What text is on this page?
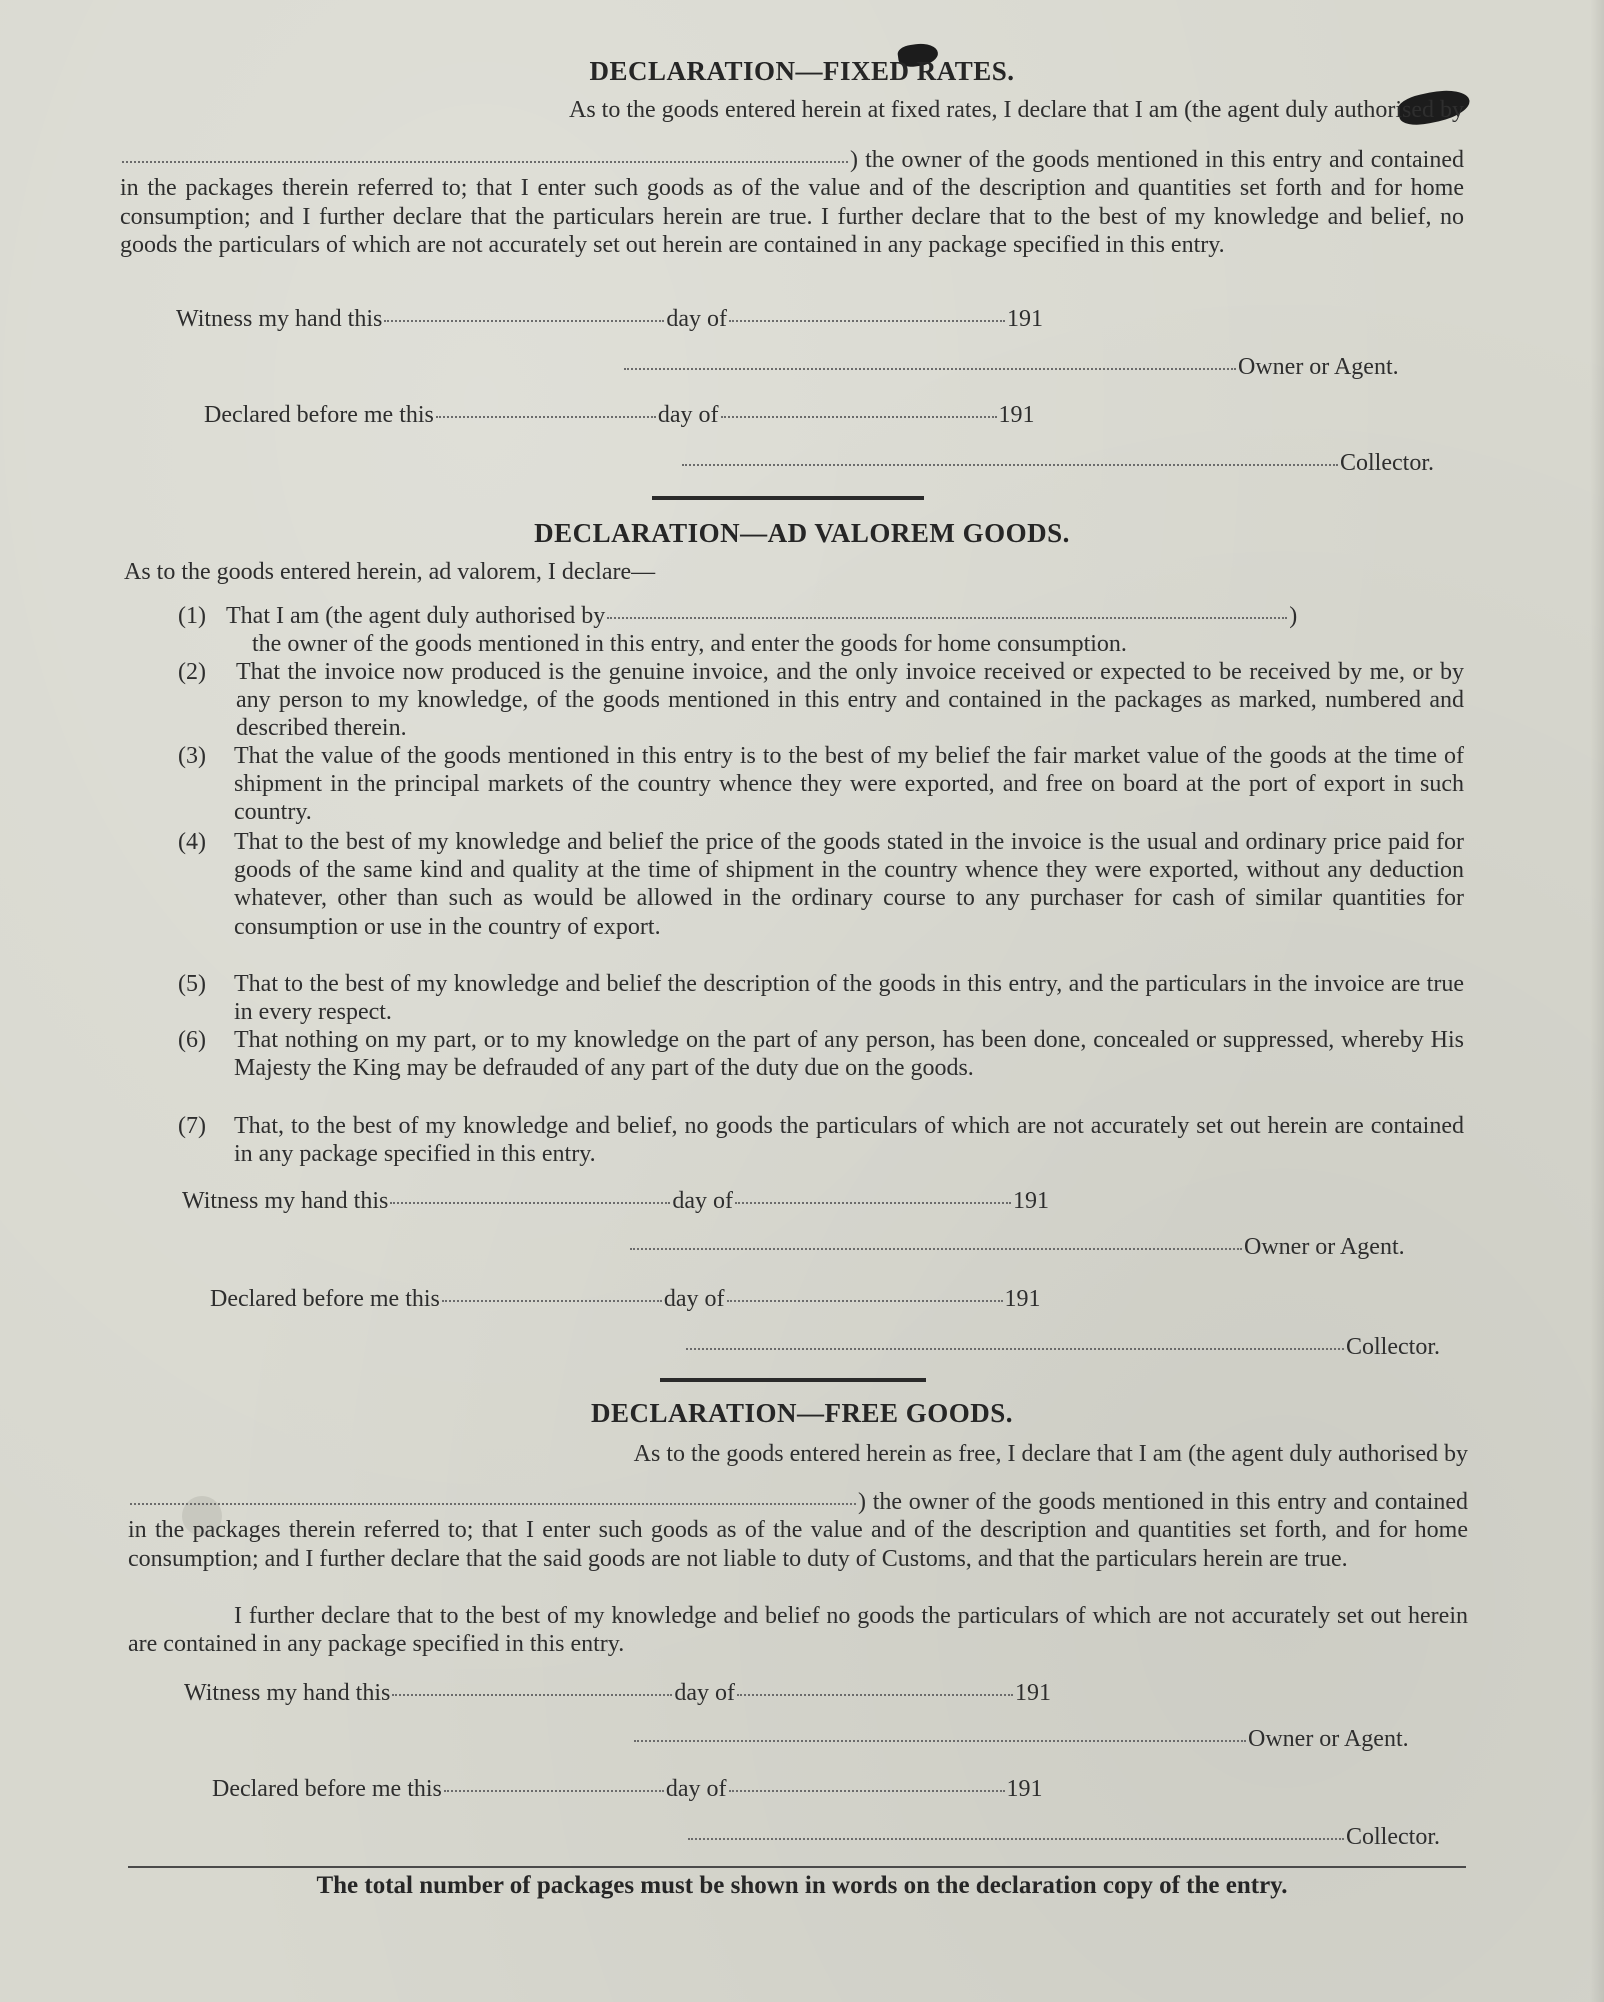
DECLARATION—FIXED RATES.
As to the goods entered herein at fixed rates, I declare that I am (the agent duly authorised by
) the owner of the goods mentioned in this entry and contained in the packages therein referred to; that I enter such goods as of the value and of the description and quantities set forth and for home consumption; and I further declare that the particulars herein are true. I further declare that to the best of my knowledge and belief, no goods the particulars of which are not accurately set out herein are contained in any package specified in this entry.
Witness my hand this	day of	191
Owner or Agent.
Declared before me this	day of	191
Collector.
DECLARATION—AD VALOREM GOODS.
As to the goods entered herein, ad valorem, I declare—
(1) That I am (the agent duly authorised by	)
the owner of the goods mentioned in this entry, and enter the goods for home consumption.
(2) That the invoice now produced is the genuine invoice, and the only invoice received or expected to be received by me, or by any person to my knowledge, of the goods mentioned in this entry and contained in the packages as marked, numbered and described therein.
(3) That the value of the goods mentioned in this entry is to the best of my belief the fair market value of the goods at the time of shipment in the principal markets of the country whence they were exported, and free on board at the port of export in such country.
(4) That to the best of my knowledge and belief the price of the goods stated in the invoice is the usual and ordinary price paid for goods of the same kind and quality at the time of shipment in the country whence they were exported, without any deduction whatever, other than such as would be allowed in the ordinary course to any purchaser for cash of similar quantities for consumption or use in the country of export.
(5) That to the best of my knowledge and belief the description of the goods in this entry, and the particulars in the invoice are true in every respect.
(6) That nothing on my part, or to my knowledge on the part of any person, has been done, concealed or suppressed, whereby His Majesty the King may be defrauded of any part of the duty due on the goods.
(7) That, to the best of my knowledge and belief, no goods the particulars of which are not accurately set out herein are contained in any package specified in this entry.
Witness my hand this	day of	191
Owner or Agent.
Declared before me this	day of	191
Collector.
DECLARATION—FREE GOODS.
As to the goods entered herein as free, I declare that I am (the agent duly authorised by
) the owner of the goods mentioned in this entry and contained in the packages therein referred to; that I enter such goods as of the value and of the description and quantities set forth, and for home consumption; and I further declare that the said goods are not liable to duty of Customs, and that the particulars herein are true.
I further declare that to the best of my knowledge and belief no goods the particulars of which are not accurately set out herein are contained in any package specified in this entry.
Witness my hand this	day of	191
Owner or Agent.
Declared before me this	day of	191
Collector.
The total number of packages must be shown in words on the declaration copy of the entry.
